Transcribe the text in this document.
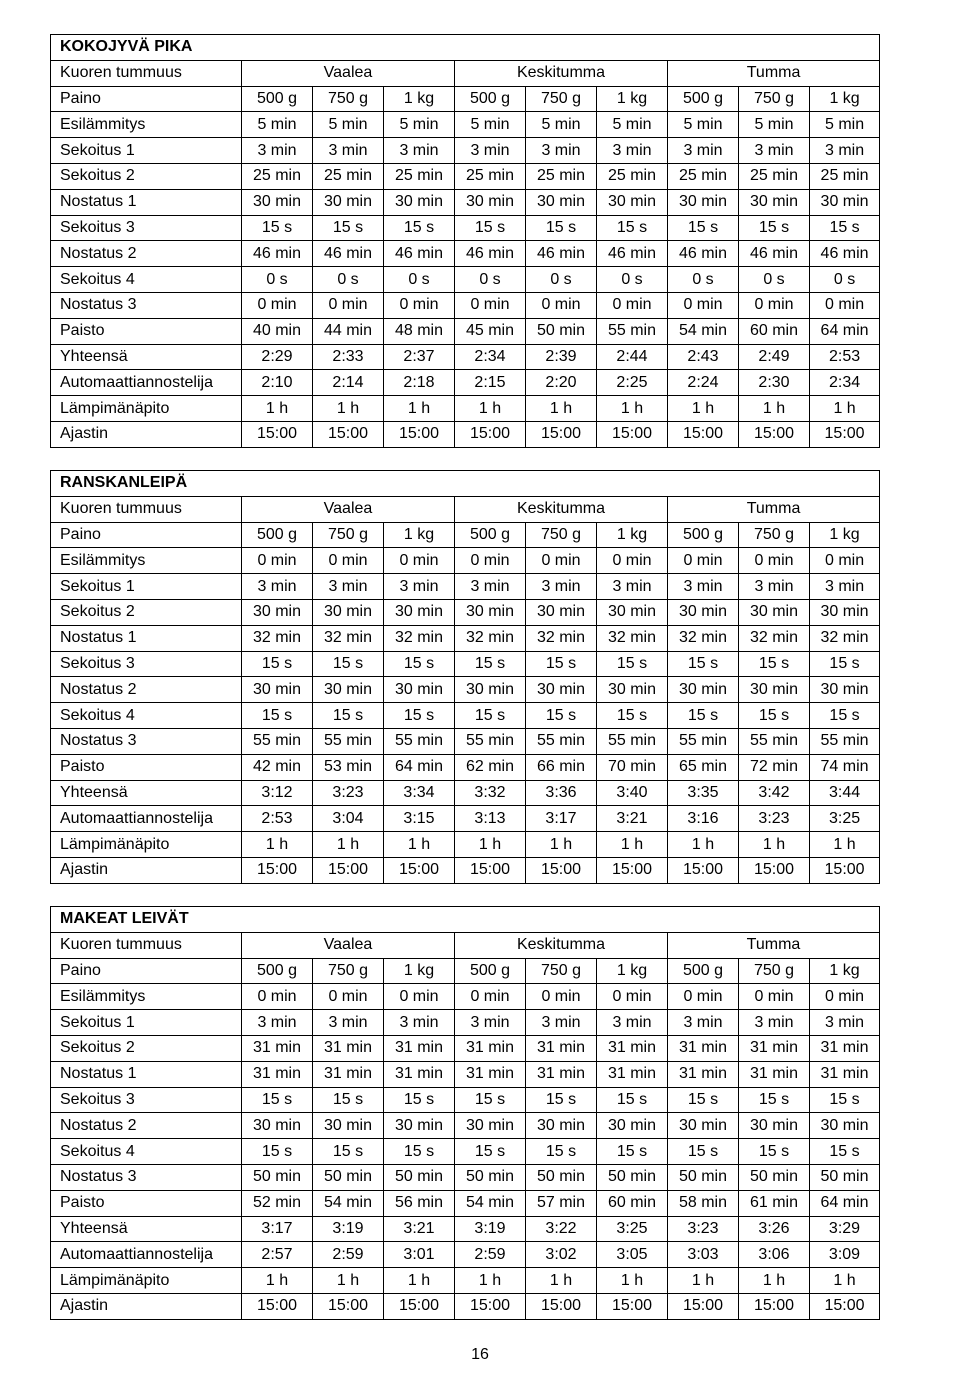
KOKOJYVÄ PIKA									
Kuoren tummuus	Vaalea			Keskitumma			Tumma		
Paino	500 g	750 g	1 kg	500 g	750 g	1 kg	500 g	750 g	1 kg
Esilämmitys	5 min	5 min	5 min	5 min	5 min	5 min	5 min	5 min	5 min
Sekoitus 1	3 min	3 min	3 min	3 min	3 min	3 min	3 min	3 min	3 min
Sekoitus 2	25 min	25 min	25 min	25 min	25 min	25 min	25 min	25 min	25 min
Nostatus 1	30 min	30 min	30 min	30 min	30 min	30 min	30 min	30 min	30 min
Sekoitus 3	15 s	15 s	15 s	15 s	15 s	15 s	15 s	15 s	15 s
Nostatus 2	46 min	46 min	46 min	46 min	46 min	46 min	46 min	46 min	46 min
Sekoitus 4	0 s	0 s	0 s	0 s	0 s	0 s	0 s	0 s	0 s
Nostatus 3	0 min	0 min	0 min	0 min	0 min	0 min	0 min	0 min	0 min
Paisto	40 min	44 min	48 min	45 min	50 min	55 min	54 min	60 min	64 min
Yhteensä	2:29	2:33	2:37	2:34	2:39	2:44	2:43	2:49	2:53
Automaattiannostelija	2:10	2:14	2:18	2:15	2:20	2:25	2:24	2:30	2:34
Lämpimänäpito	1 h	1 h	1 h	1 h	1 h	1 h	1 h	1 h	1 h
Ajastin	15:00	15:00	15:00	15:00	15:00	15:00	15:00	15:00	15:00
RANSKANLEIPÄ									
Kuoren tummuus	Vaalea			Keskitumma			Tumma		
Paino	500 g	750 g	1 kg	500 g	750 g	1 kg	500 g	750 g	1 kg
Esilämmitys	0 min	0 min	0 min	0 min	0 min	0 min	0 min	0 min	0 min
Sekoitus 1	3 min	3 min	3 min	3 min	3 min	3 min	3 min	3 min	3 min
Sekoitus 2	30 min	30 min	30 min	30 min	30 min	30 min	30 min	30 min	30 min
Nostatus 1	32 min	32 min	32 min	32 min	32 min	32 min	32 min	32 min	32 min
Sekoitus 3	15 s	15 s	15 s	15 s	15 s	15 s	15 s	15 s	15 s
Nostatus 2	30 min	30 min	30 min	30 min	30 min	30 min	30 min	30 min	30 min
Sekoitus 4	15 s	15 s	15 s	15 s	15 s	15 s	15 s	15 s	15 s
Nostatus 3	55 min	55 min	55 min	55 min	55 min	55 min	55 min	55 min	55 min
Paisto	42 min	53 min	64 min	62 min	66 min	70 min	65 min	72 min	74 min
Yhteensä	3:12	3:23	3:34	3:32	3:36	3:40	3:35	3:42	3:44
Automaattiannostelija	2:53	3:04	3:15	3:13	3:17	3:21	3:16	3:23	3:25
Lämpimänäpito	1 h	1 h	1 h	1 h	1 h	1 h	1 h	1 h	1 h
Ajastin	15:00	15:00	15:00	15:00	15:00	15:00	15:00	15:00	15:00
MAKEAT LEIVÄT									
Kuoren tummuus	Vaalea			Keskitumma			Tumma		
Paino	500 g	750 g	1 kg	500 g	750 g	1 kg	500 g	750 g	1 kg
Esilämmitys	0 min	0 min	0 min	0 min	0 min	0 min	0 min	0 min	0 min
Sekoitus 1	3 min	3 min	3 min	3 min	3 min	3 min	3 min	3 min	3 min
Sekoitus 2	31 min	31 min	31 min	31 min	31 min	31 min	31 min	31 min	31 min
Nostatus 1	31 min	31 min	31 min	31 min	31 min	31 min	31 min	31 min	31 min
Sekoitus 3	15 s	15 s	15 s	15 s	15 s	15 s	15 s	15 s	15 s
Nostatus 2	30 min	30 min	30 min	30 min	30 min	30 min	30 min	30 min	30 min
Sekoitus 4	15 s	15 s	15 s	15 s	15 s	15 s	15 s	15 s	15 s
Nostatus 3	50 min	50 min	50 min	50 min	50 min	50 min	50 min	50 min	50 min
Paisto	52 min	54 min	56 min	54 min	57 min	60 min	58 min	61 min	64 min
Yhteensä	3:17	3:19	3:21	3:19	3:22	3:25	3:23	3:26	3:29
Automaattiannostelija	2:57	2:59	3:01	2:59	3:02	3:05	3:03	3:06	3:09
Lämpimänäpito	1 h	1 h	1 h	1 h	1 h	1 h	1 h	1 h	1 h
Ajastin	15:00	15:00	15:00	15:00	15:00	15:00	15:00	15:00	15:00
16
